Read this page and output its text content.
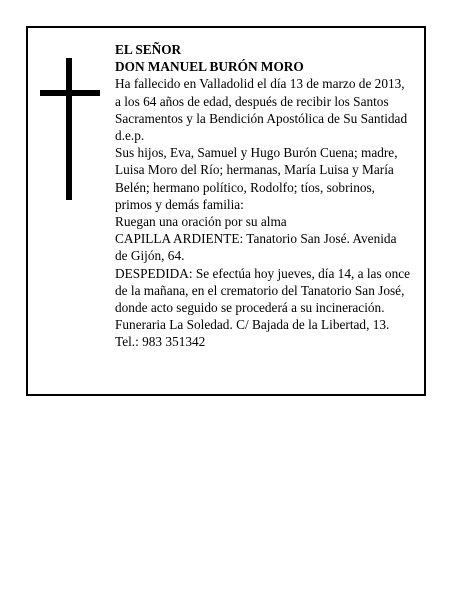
EL SEÑOR
DON MANUEL BURÓN MORO
Ha fallecido en Valladolid el día 13 de marzo de 2013,
a los 64 años de edad, después de recibir los Santos
Sacramentos y la Bendición Apostólica de Su Santidad
d.e.p.
Sus hijos, Eva, Samuel y Hugo Burón Cuena; madre,
Luisa Moro del Río; hermanas, María Luisa y María
Belén; hermano político, Rodolfo; tíos, sobrinos,
primos y demás familia:
Ruegan una oración por su alma
CAPILLA ARDIENTE: Tanatorio San José. Avenida
de Gijón, 64.
DESPEDIDA: Se efectúa hoy jueves, día 14, a las once
de la mañana, en el crematorio del Tanatorio San José,
donde acto seguido se procederá a su incineración.
Funeraria La Soledad. C/ Bajada de la Libertad, 13.
Tel.: 983 351342
